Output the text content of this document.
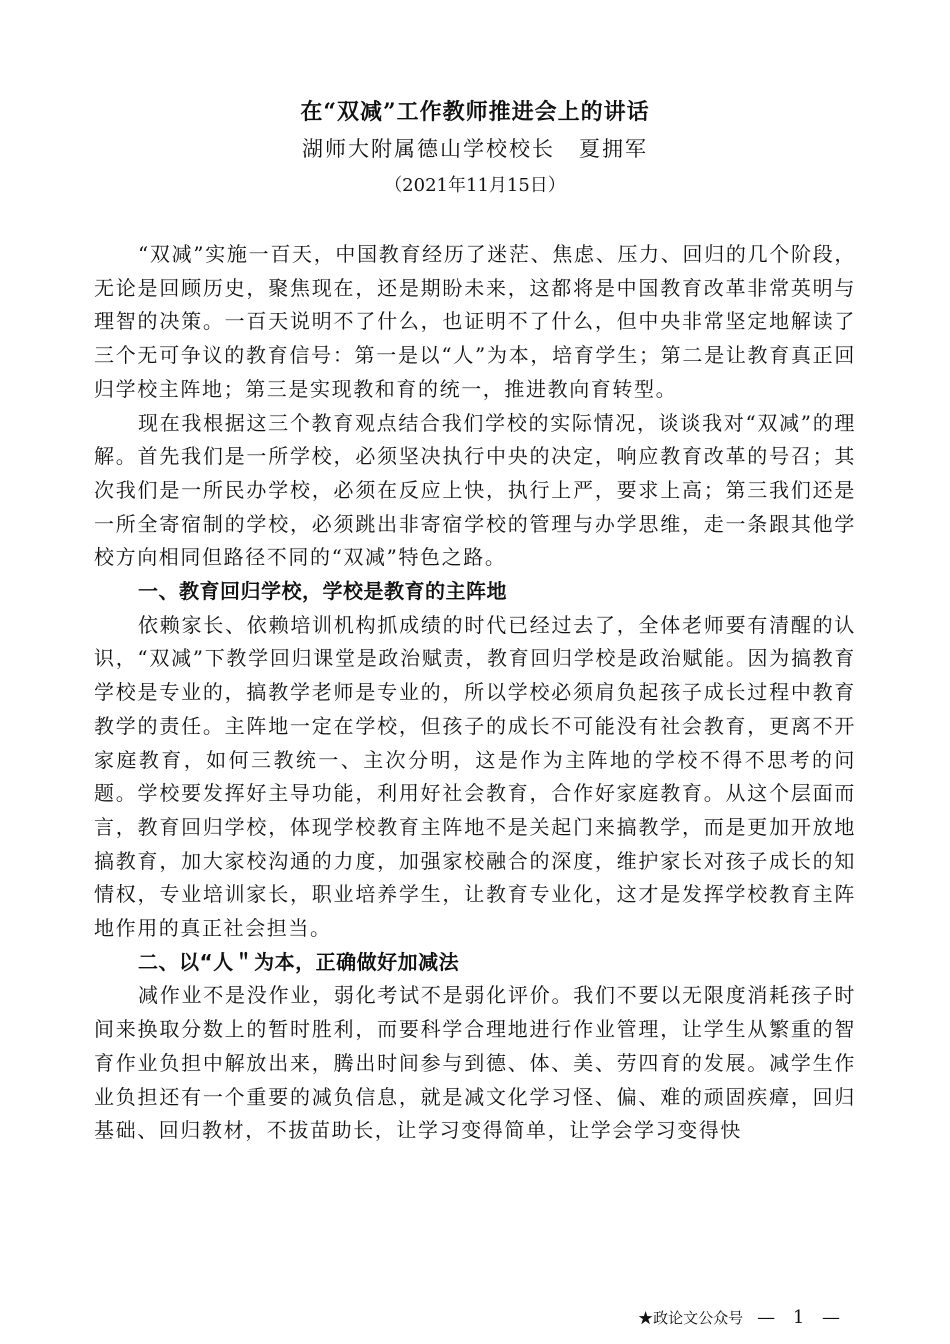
在“双减”工作教师推进会上的讲话
湖师大附属德山学校校长 夏拥军
（2021年11月15日）

“双减”实施一百天，中国教育经历了迷茫、焦虑、压力、回归的几个阶段，无论是回顾历史，聚焦现在，还是期盼未来，这都将是中国教育改革非常英明与理智的决策。一百天说明不了什么，也证明不了什么，但中央非常坚定地解读了三个无可争议的教育信号：第一是以“人”为本，培育学生；第二是让教育真正回归学校主阵地；第三是实现教和育的统一，推进教向育转型。

现在我根据这三个教育观点结合我们学校的实际情况，谈谈我对“双减”的理解。首先我们是一所学校，必须坚决执行中央的决定，响应教育改革的号召；其次我们是一所民办学校，必须在反应上快，执行上严，要求上高；第三我们还是一所全寄宿制的学校，必须跳出非寄宿学校的管理与办学思维，走一条跟其他学校方向相同但路径不同的“双减”特色之路。

一、教育回归学校，学校是教育的主阵地

依赖家长、依赖培训机构抓成绩的时代已经过去了，全体老师要有清醒的认识，“双减”下教学回归课堂是政治赋责，教育回归学校是政治赋能。因为搞教育学校是专业的，搞教学老师是专业的，所以学校必须肩负起孩子成长过程中教育教学的责任。主阵地一定在学校，但孩子的成长不可能没有社会教育，更离不开家庭教育，如何三教统一、主次分明，这是作为主阵地的学校不得不思考的问题。学校要发挥好主导功能，利用好社会教育，合作好家庭教育。从这个层面而言，教育回归学校，体现学校教育主阵地不是关起门来搞教学，而是更加开放地搞教育，加大家校沟通的力度，加强家校融合的深度，维护家长对孩子成长的知情权，专业培训家长，职业培养学生，让教育专业化，这才是发挥学校教育主阵地作用的真正社会担当。

二、以“人＂为本，正确做好加减法

减作业不是没作业，弱化考试不是弱化评价。我们不要以无限度消耗孩子时间来换取分数上的暂时胜利，而要科学合理地进行作业管理，让学生从繁重的智育作业负担中解放出来，腾出时间参与到德、体、美、劳四育的发展。减学生作业负担还有一个重要的减负信息，就是减文化学习怪、偏、难的顽固疾瘴，回归基础、回归教材，不拔苗助长，让学习变得简单，让学会学习变得快

★政论文公众号 — 1 —
